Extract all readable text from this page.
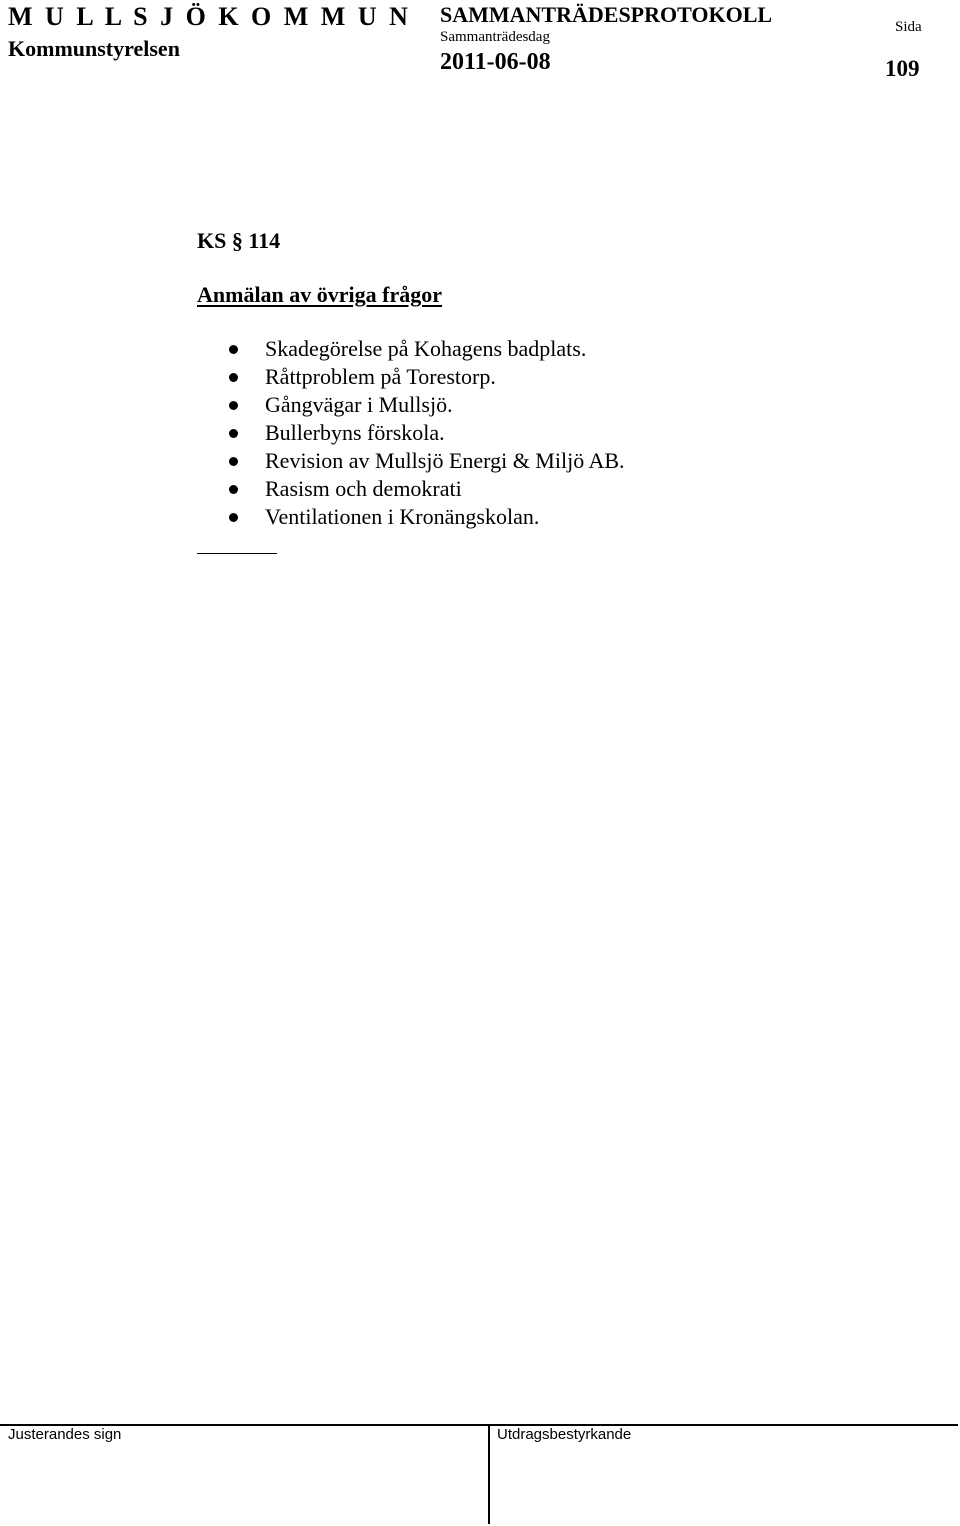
M U L L S J Ö K O M M U N
Kommunstyrelsen
SAMMANTRÄDESPROTOKOLL
Sammanträdesdag
2011-06-08
Sida
109
KS § 114
Anmälan av övriga frågor
Skadegörelse på Kohagens badplats.
Råttproblem på Torestorp.
Gångvägar i Mullsjö.
Bullerbyns förskola.
Revision av Mullsjö Energi & Miljö AB.
Rasism och demokrati
Ventilationen i Kronängskolan.
Justerandes sign	Utdragsbestyrkande
